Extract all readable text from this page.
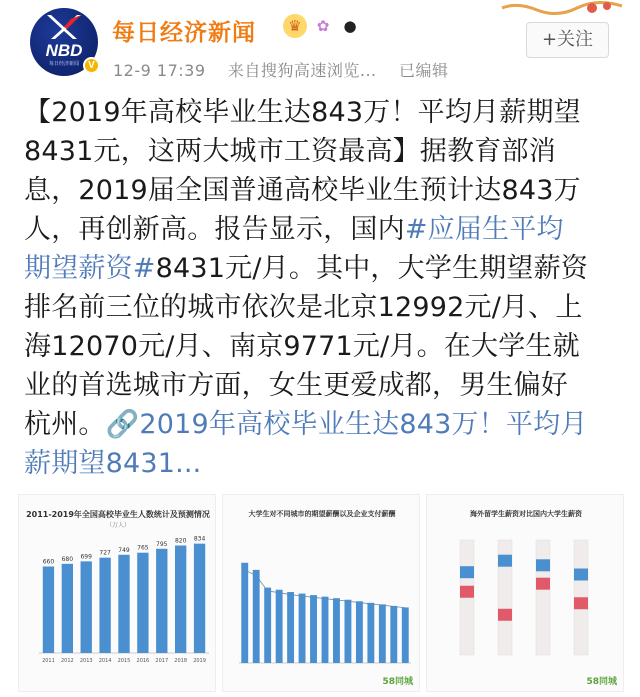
NBD
每日经济新闻 V
每日经济新闻	♛ ✿ ●
12-9 17:39 来自搜狗高速浏览... 已编辑
+关注

【2019年高校毕业生达843万！平均月薪期望

8431元，这两大城市工资最高】据教育部消

息，2019届全国普通高校毕业生预计达843万

人，再创新高。报告显示，国内#应届生平均

期望薪资#8431元/月。其中，大学生期望薪资

排名前三位的城市依次是北京12992元/月、上

海12070元/月、南京9771元/月。在大学生就

业的首选城市方面，女生更爱成都，男生偏好

杭州。🔗2019年高校毕业生达843万！平均月

薪期望8431...

2011-2019年全国高校毕业生人数统计及预测情况
（万人）
660
2011
680
2012
699
2013
727
2014
749
2015
765
2016
795
2017
820
2018
834
2019
大学生对不同城市的期望薪酬以及企业支付薪酬
58同城
海外留学生薪资对比国内大学生薪资
58同城
